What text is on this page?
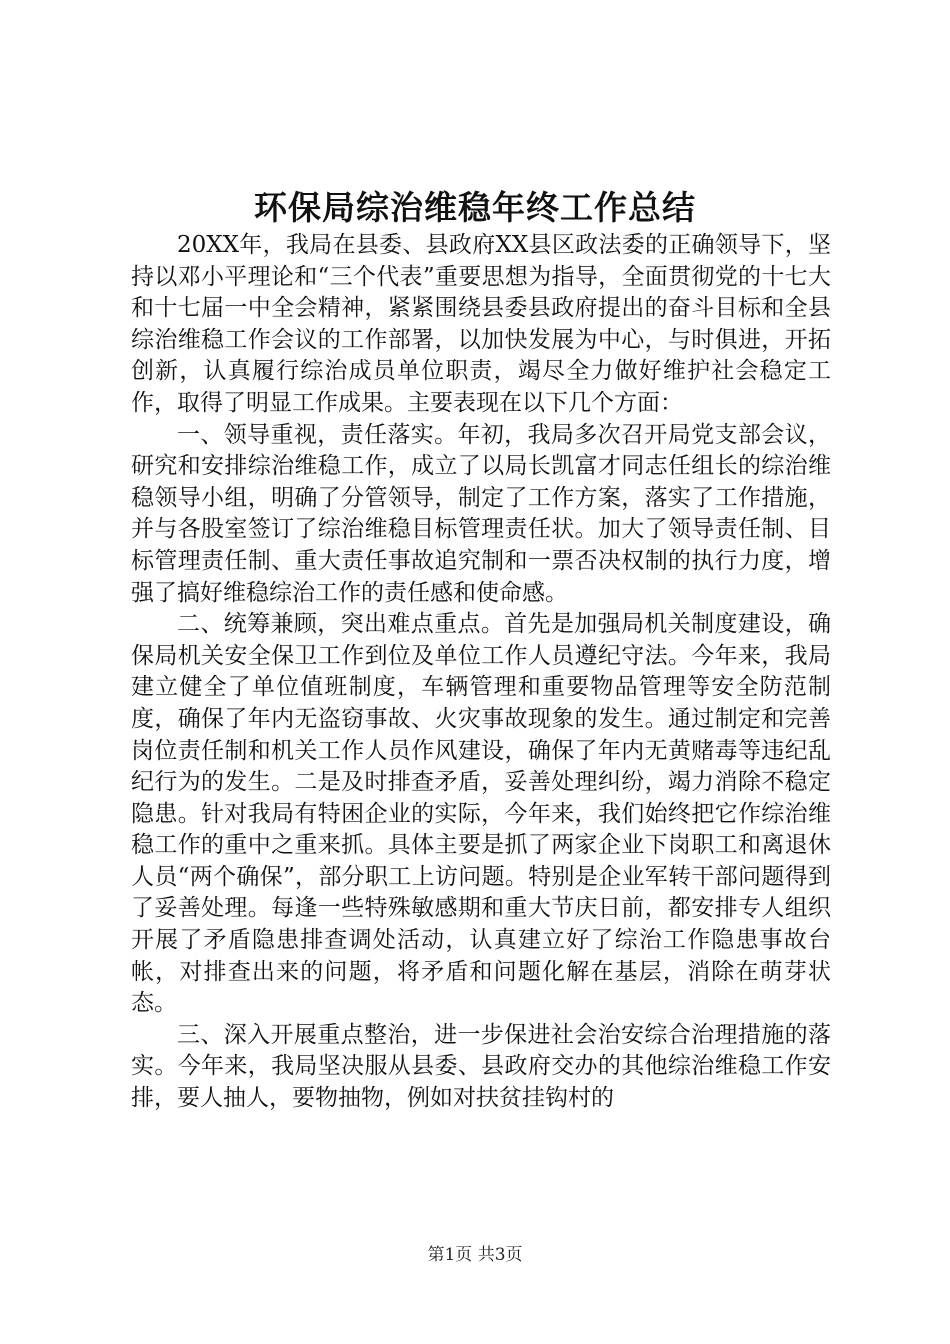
环保局综治维稳年终工作总结

20XX年，我局在县委、县政府XX县区政法委的正确领导下，坚持以邓小平理论和“三个代表”重要思想为指导，全面贯彻党的十七大和十七届一中全会精神，紧紧围绕县委县政府提出的奋斗目标和全县综治维稳工作会议的工作部署，以加快发展为中心，与时俱进，开拓创新，认真履行综治成员单位职责，竭尽全力做好维护社会稳定工作，取得了明显工作成果。主要表现在以下几个方面：

一、领导重视，责任落实。年初，我局多次召开局党支部会议，研究和安排综治维稳工作，成立了以局长凯富才同志任组长的综治维稳领导小组，明确了分管领导，制定了工作方案，落实了工作措施，并与各股室签订了综治维稳目标管理责任状。加大了领导责任制、目标管理责任制、重大责任事故追究制和一票否决权制的执行力度，增强了搞好维稳综治工作的责任感和使命感。

二、统筹兼顾，突出难点重点。首先是加强局机关制度建设，确保局机关安全保卫工作到位及单位工作人员遵纪守法。今年来，我局建立健全了单位值班制度，车辆管理和重要物品管理等安全防范制度，确保了年内无盗窃事故、火灾事故现象的发生。通过制定和完善岗位责任制和机关工作人员作风建设，确保了年内无黄赌毒等违纪乱纪行为的发生。二是及时排查矛盾，妥善处理纠纷，竭力消除不稳定隐患。针对我局有特困企业的实际，今年来，我们始终把它作综治维稳工作的重中之重来抓。具体主要是抓了两家企业下岗职工和离退休人员“两个确保”，部分职工上访问题。特别是企业军转干部问题得到了妥善处理。每逢一些特殊敏感期和重大节庆日前，都安排专人组织开展了矛盾隐患排查调处活动，认真建立好了综治工作隐患事故台帐，对排查出来的问题，将矛盾和问题化解在基层，消除在萌芽状态。

三、深入开展重点整治，进一步保进社会治安综合治理措施的落实。今年来，我局坚决服从县委、县政府交办的其他综治维稳工作安排，要人抽人，要物抽物，例如对扶贫挂钩村的

第1页 共3页
